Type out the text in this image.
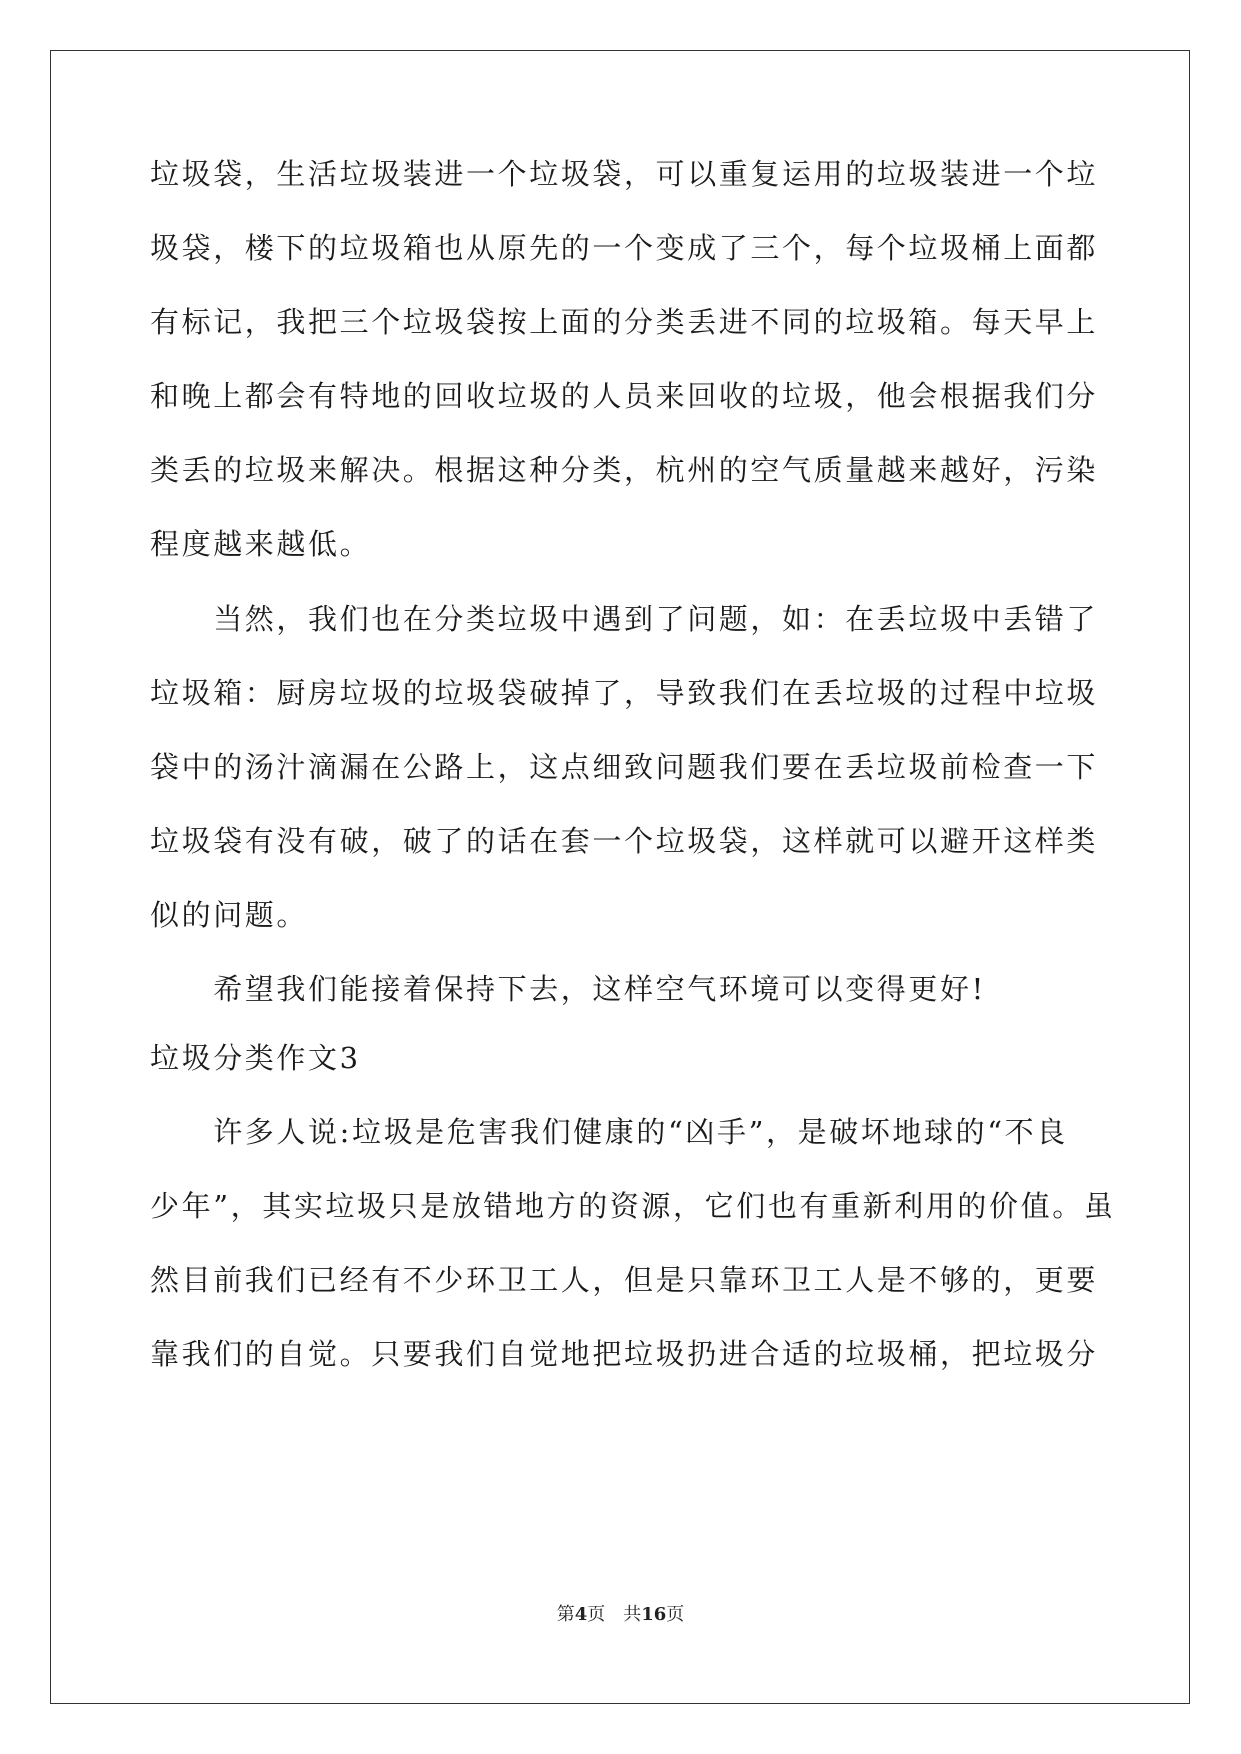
垃圾袋，生活垃圾装进一个垃圾袋，可以重复运用的垃圾装进一个垃
圾袋，楼下的垃圾箱也从原先的一个变成了三个，每个垃圾桶上面都
有标记，我把三个垃圾袋按上面的分类丢进不同的垃圾箱。每天早上
和晚上都会有特地的回收垃圾的人员来回收的垃圾，他会根据我们分
类丢的垃圾来解决。根据这种分类，杭州的空气质量越来越好，污染
程度越来越低。
　　当然，我们也在分类垃圾中遇到了问题，如：在丢垃圾中丢错了
垃圾箱：厨房垃圾的垃圾袋破掉了，导致我们在丢垃圾的过程中垃圾
袋中的汤汁滴漏在公路上，这点细致问题我们要在丢垃圾前检查一下
垃圾袋有没有破，破了的话在套一个垃圾袋，这样就可以避开这样类
似的问题。
　　希望我们能接着保持下去，这样空气环境可以变得更好!
垃圾分类作文3
　　许多人说:垃圾是危害我们健康的“凶手”，是破坏地球的“不良
少年”，其实垃圾只是放错地方的资源，它们也有重新利用的价值。虽
然目前我们已经有不少环卫工人，但是只靠环卫工人是不够的，更要
靠我们的自觉。只要我们自觉地把垃圾扔进合适的垃圾桶，把垃圾分
第4页 共16页
